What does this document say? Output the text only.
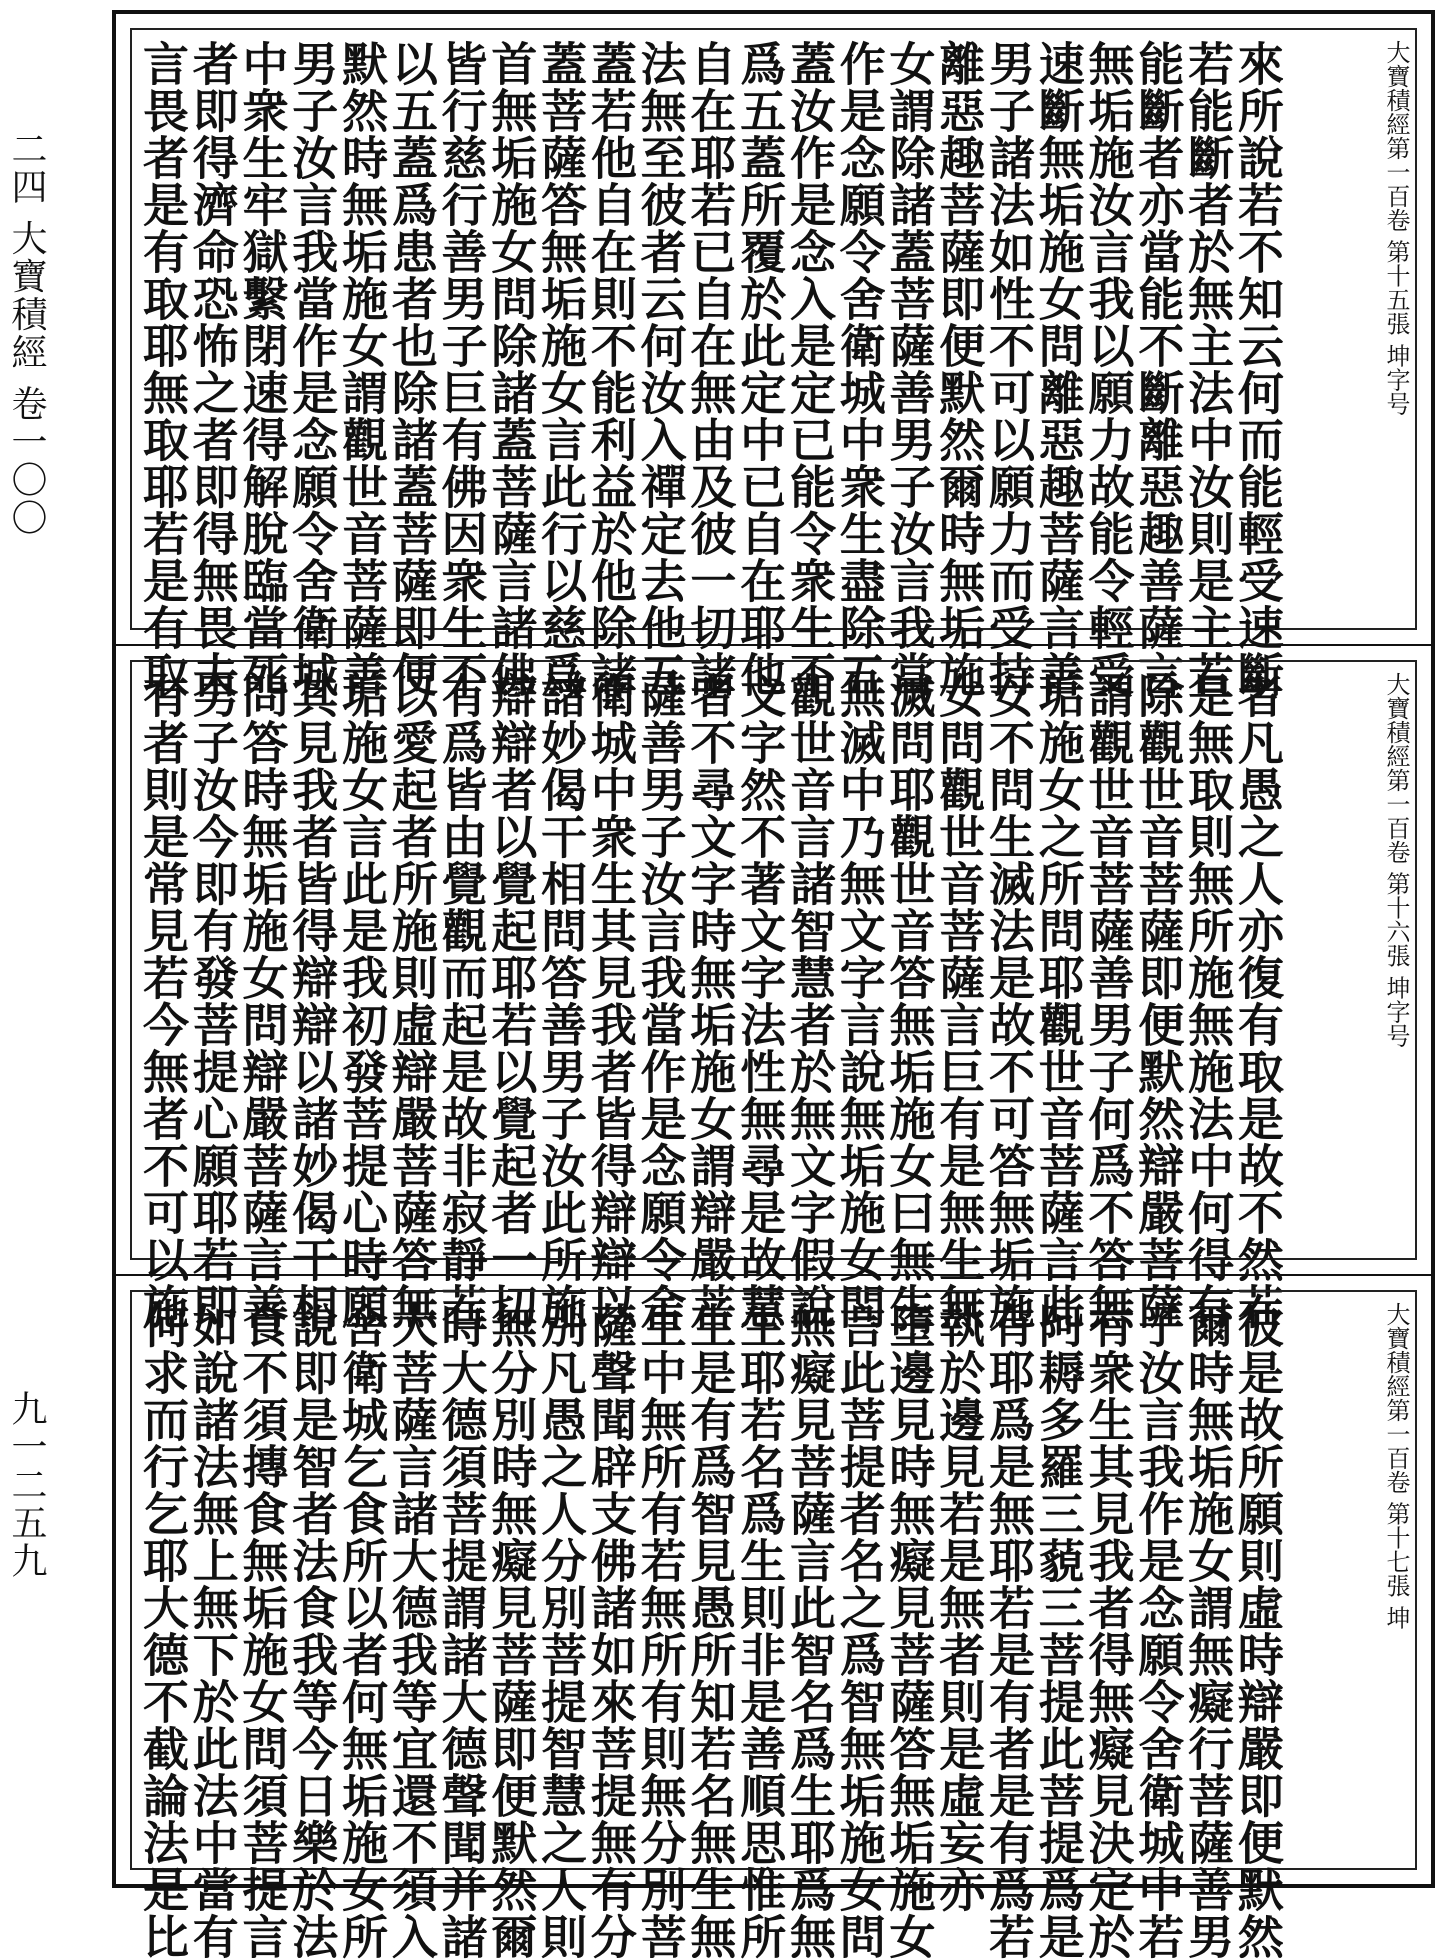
二四 大寶積經 卷一〇〇
九一二五九
大寶積經第一百卷 第十五張 坤字号
來所說若不知云何而能輕受速斷
若能斷者於無主法中汝則是主若
能斷者亦當能不斷離惡趣善薩言
無垢施汝言我以願力故能令輕受
速斷無垢施女問離惡趣菩薩言善
男子諸法如性不可以願力而受持
離惡趣菩薩即便默然爾時無垢施
女謂除諸蓋菩薩善男子汝言我當
作是念願令舍衛城中衆生盡除五
蓋汝作是念入是定已能令衆生不
爲五蓋所覆於此定中已自在耶他
自在耶若已自在無由及彼一切諸
法無至彼者云何汝入禪定去他五
蓋若他自在則不能利益於他除諸
蓋菩薩答無垢施女言此行以慈爲
首無垢施女問除諸蓋菩薩言諸佛
皆行慈行善男子巨有佛因衆生不
以五蓋爲患者也除諸蓋菩薩即便
默然時無垢施女謂觀世音菩薩善
男子汝言我當作是念願令舍衛城
中衆生牢獄繫閉速得解脫臨當死
者即得濟命恐怖之者即得無畏夫
言畏者是有取耶無取耶若是有取
大寶積經第一百卷 第十六張 坤字号
者凡愚之人亦復有取是故不然若
是無取則無所施無施法中何得有
除觀世音菩薩即便默然辯嚴菩薩
謂觀世音菩薩善男子何爲不答無
垢施女之所問耶觀世音菩薩言此
女不問生滅法是故不可答無垢施
女問觀世音菩薩言巨有是無生無
滅問耶觀世音答無垢施女曰無生
無滅中乃無文字言說無垢施女問
觀世音言諸智慧者於無文字假說
文字然不著文字法性無尋是故慧
者不尋文字時無垢施女謂辯嚴菩
薩善男子汝言我當作是念願令舍
衛城中衆生其見我者皆得辯辯以
諸妙偈干相問答善男子汝此所施
辯辯者以覺起耶若以覺起者一切
有爲皆由覺觀而起是故非寂靜若
以愛起者所施則虛辯嚴菩薩答無
垢施女言此是我初發菩提心時願
其見我者皆得辯辯以諸妙偈干相
問答時無垢施女問辯嚴菩薩言善
男子汝今即有發菩提心願耶若即
有者則是常見若今無者不可以施
大寶積經第一百卷 第十七張 坤
彼是故所願則虛時辯嚴即便默然
爾時無垢施女謂無癡行菩薩善男
子汝言我作是念願令舍衛城中若
有衆生其見我者得無癡見決定於
阿耨多羅三藐三菩提此菩提爲是
有耶爲是無耶若是有者是有爲若
執於邊見若是無者則是虛妄亦
墮邊見時無癡見菩薩答無垢施女
言此菩提者名之爲智無垢施女問
無癡見菩薩言此智名爲生耶爲無
生耶若名爲生則非是善順思惟所
生是有爲智見愚所知若名無生無
生中無所有若無所有則無分別菩
薩聲聞辟支佛諸如來菩提無有分
別凡愚之人分別菩提智慧之人則
無分別時無癡見菩薩即便默然爾
時大德須菩提謂諸大德聲聞并諸
大菩薩言諸大德我等宜還不須入
舍衛城乞食所以者何無垢施女所
說即是智者法食我等今日樂於法
食不須摶食無垢施女問須菩提言
如說諸法無上無下於此法中當有
何求而行乞耶大德不截論法是比
